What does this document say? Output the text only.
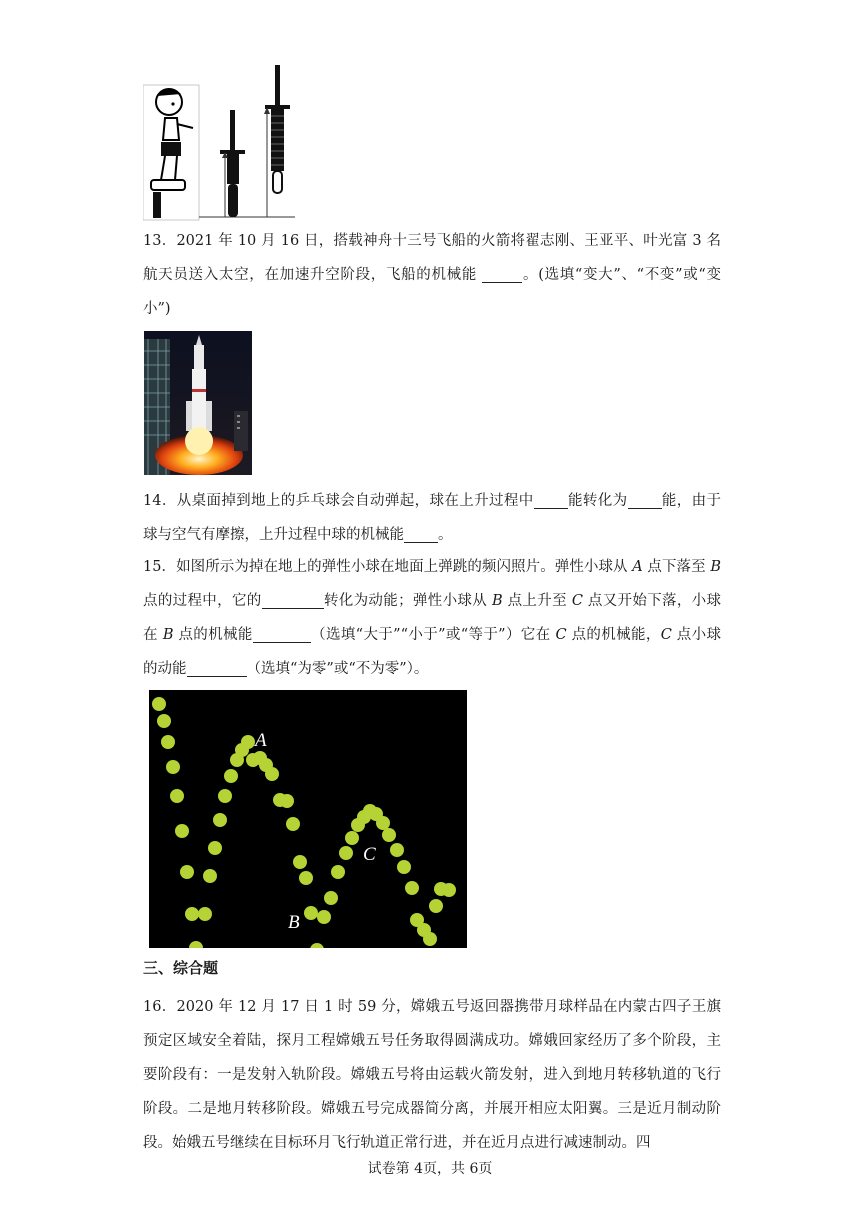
13．2021 年 10 月 16 日，搭载神舟十三号飞船的火箭将翟志刚、王亚平、叶光富 3 名航天员送入太空，在加速升空阶段，飞船的机械能	。(选填“变大”、“不变”或“变小”)

14．从桌面掉到地上的乒乓球会自动弹起，球在上升过程中 能转化为 能，由于球与空气有摩擦，上升过程中球的机械能 。

15．如图所示为掉在地上的弹性小球在地面上弹跳的频闪照片。弹性小球从 A 点下落至 B 点的过程中，它的	转化为动能；弹性小球从 B 点上升至 C 点又开始下落，小球在 B 点的机械能	（选填“大于”“小于”或“等于”）它在 C 点的机械能，C 点小球的动能	（选填“为零”或“不为零”）。

A
C
B
三、综合题

16．2020 年 12 月 17 日 1 时 59 分，嫦娥五号返回器携带月球样品在内蒙古四子王旗预定区域安全着陆，探月工程嫦娥五号任务取得圆满成功。嫦娥回家经历了多个阶段，主要阶段有：一是发射入轨阶段。嫦娥五号将由运载火箭发射，进入到地月转移轨道的飞行阶段。二是地月转移阶段。嫦娥五号完成器简分离，并展开相应太阳翼。三是近月制动阶段。始娥五号继续在目标环月飞行轨道正常行进，并在近月点进行减速制动。四

试卷第 4页，共 6页
